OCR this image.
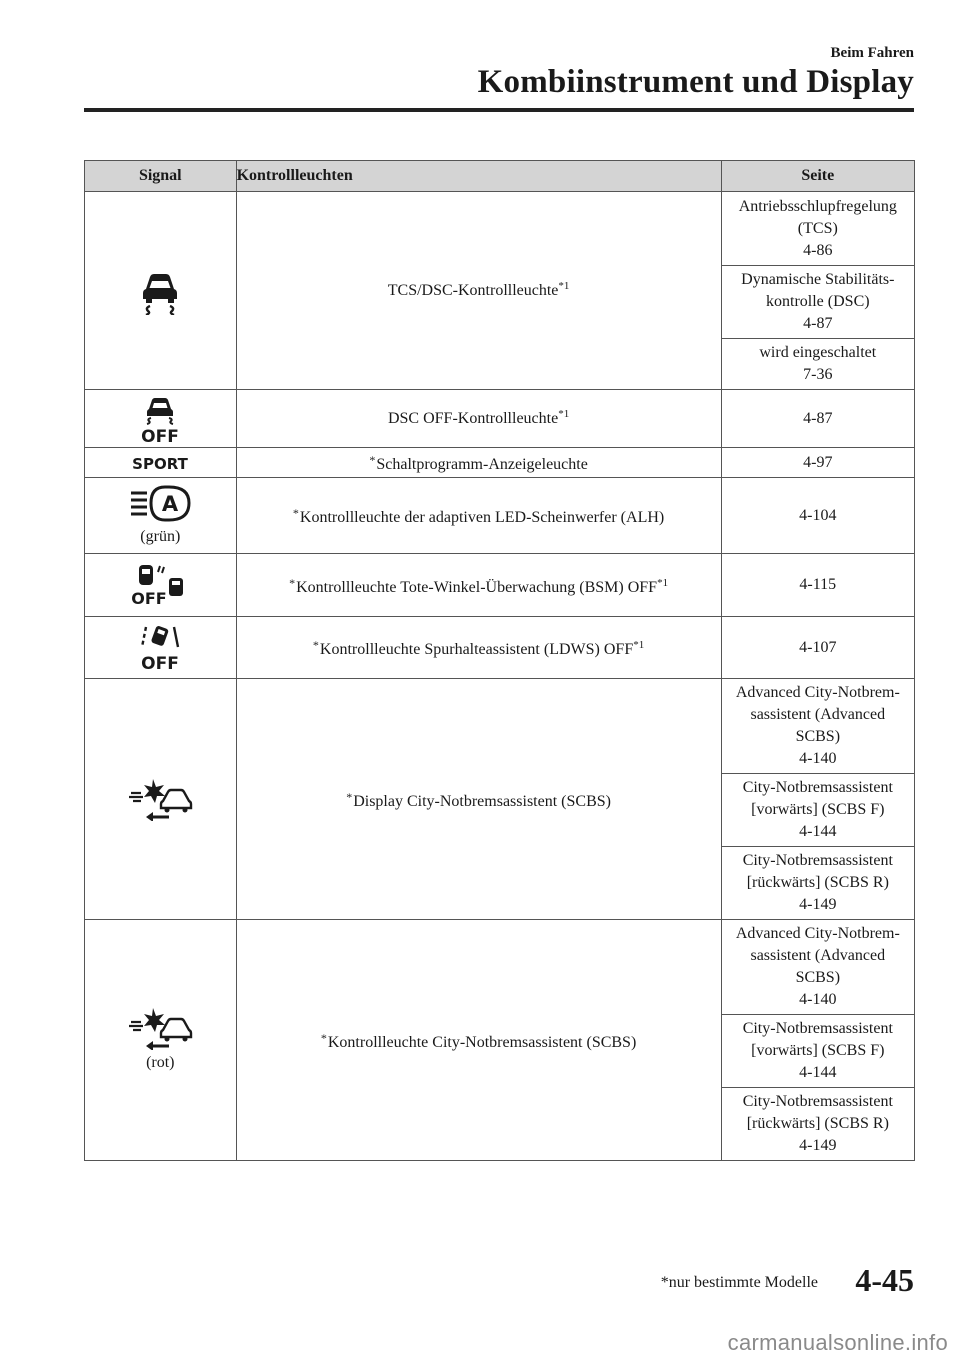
Beim Fahren
Kombiinstrument und Display
Signal	Kontrollleuchten	Seite

	TCS/DSC-Kontrollleuchte$^{*1}$	Antriebsschlupfregelung (TCS)
4-86

		Dynamische Stabilitäts-kontrolle (DSC)
4-87

		wird eingeschaltet
7-36

OFF	DSC OFF-Kontrollleuchte$^{*1}$	4-87

SPORT	*Schaltprogramm-Anzeigeleuchte	4-97

A
(grün)	*Kontrollleuchte der adaptiven LED-Scheinwerfer (ALH)	4-104

OFF	*Kontrollleuchte Tote-Winkel-Überwachung (BSM) OFF$^{*1}$	4-115

OFF	*Kontrollleuchte Spurhalteassistent (LDWS) OFF$^{*1}$	4-107

	*Display City-Notbremsassistent (SCBS)	Advanced City-Notbrem-sassistent (Advanced SCBS)
4-140

		City-Notbremsassistent [vorwärts] (SCBS F)
4-144

		City-Notbremsassistent [rückwärts] (SCBS R)
4-149

(rot)	*Kontrollleuchte City-Notbremsassistent (SCBS)	Advanced City-Notbrem-sassistent (Advanced SCBS)
4-140

		City-Notbremsassistent [vorwärts] (SCBS F)
4-144

		City-Notbremsassistent [rückwärts] (SCBS R)
4-149
*nur bestimmte Modelle 4-45
carmanualsonline.info
